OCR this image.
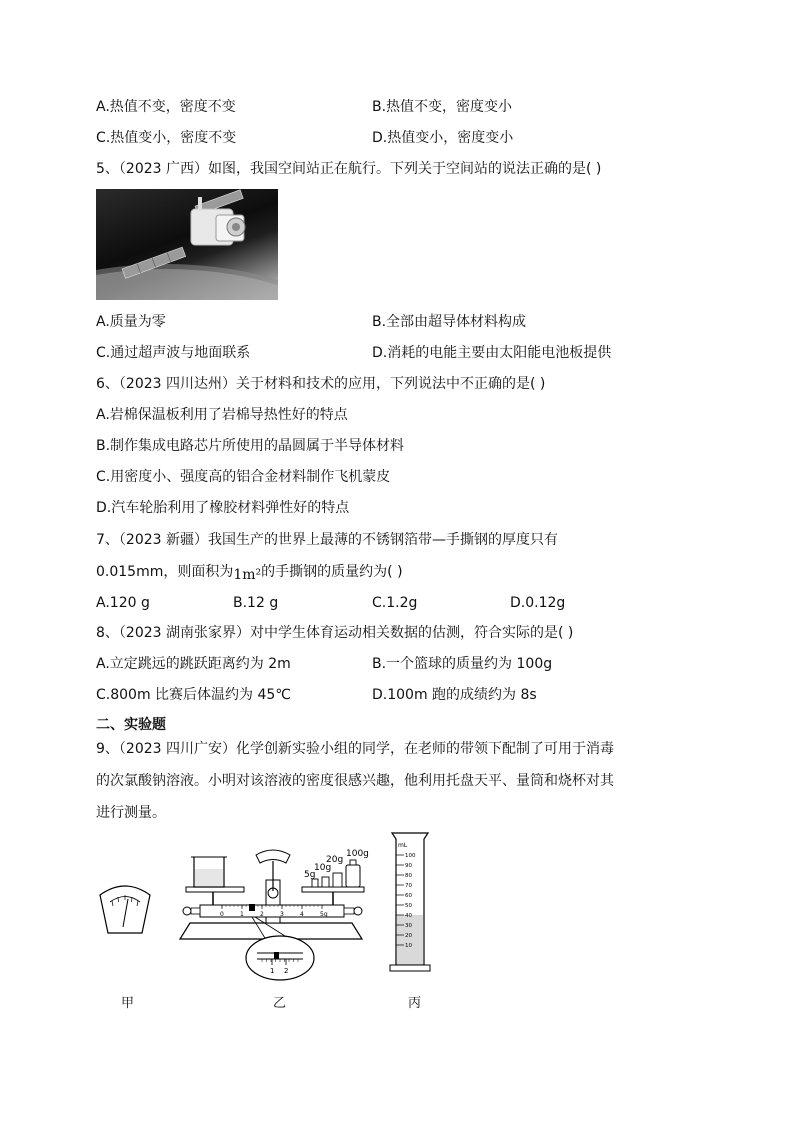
A.热值不变，密度不变	B.热值不变，密度变小
C.热值变小，密度不变	D.热值变小，密度变小
5、（2023 广西）如图，我国空间站正在航行。下列关于空间站的说法正确的是( )
A.质量为零	B.全部由超导体材料构成
C.通过超声波与地面联系	D.消耗的电能主要由太阳能电池板提供
6、（2023 四川达州）关于材料和技术的应用，下列说法中不正确的是( )
A.岩棉保温板利用了岩棉导热性好的特点
B.制作集成电路芯片所使用的晶圆属于半导体材料
C.用密度小、强度高的铝合金材料制作飞机蒙皮
D.汽车轮胎利用了橡胶材料弹性好的特点
7、（2023 新疆）我国生产的世界上最薄的不锈钢箔带—手撕钢的厚度只有
0.015mm，则面积为1m²的手撕钢的质量约为( )
A.120 g	B.12 g	C.1.2g	D.0.12g
8、（2023 湖南张家界）对中学生体育运动相关数据的估测，符合实际的是( )
A.立定跳远的跳跃距离约为 2m	B.一个篮球的质量约为 100g
C.800m 比赛后体温约为 45℃	D.100m 跑的成绩约为 8s
二、实验题
9、（2023 四川广安）化学创新实验小组的同学，在老师的带领下配制了可用于消毒
的次氯酸钠溶液。小明对该溶液的密度很感兴趣，他利用托盘天平、量筒和烧杯对其
进行测量。
5g
10g
20g
100g
0	1	2	3	4	5g
1 2
100
90
80
70
60
50
40
30
20
10
mL
甲	乙	丙
